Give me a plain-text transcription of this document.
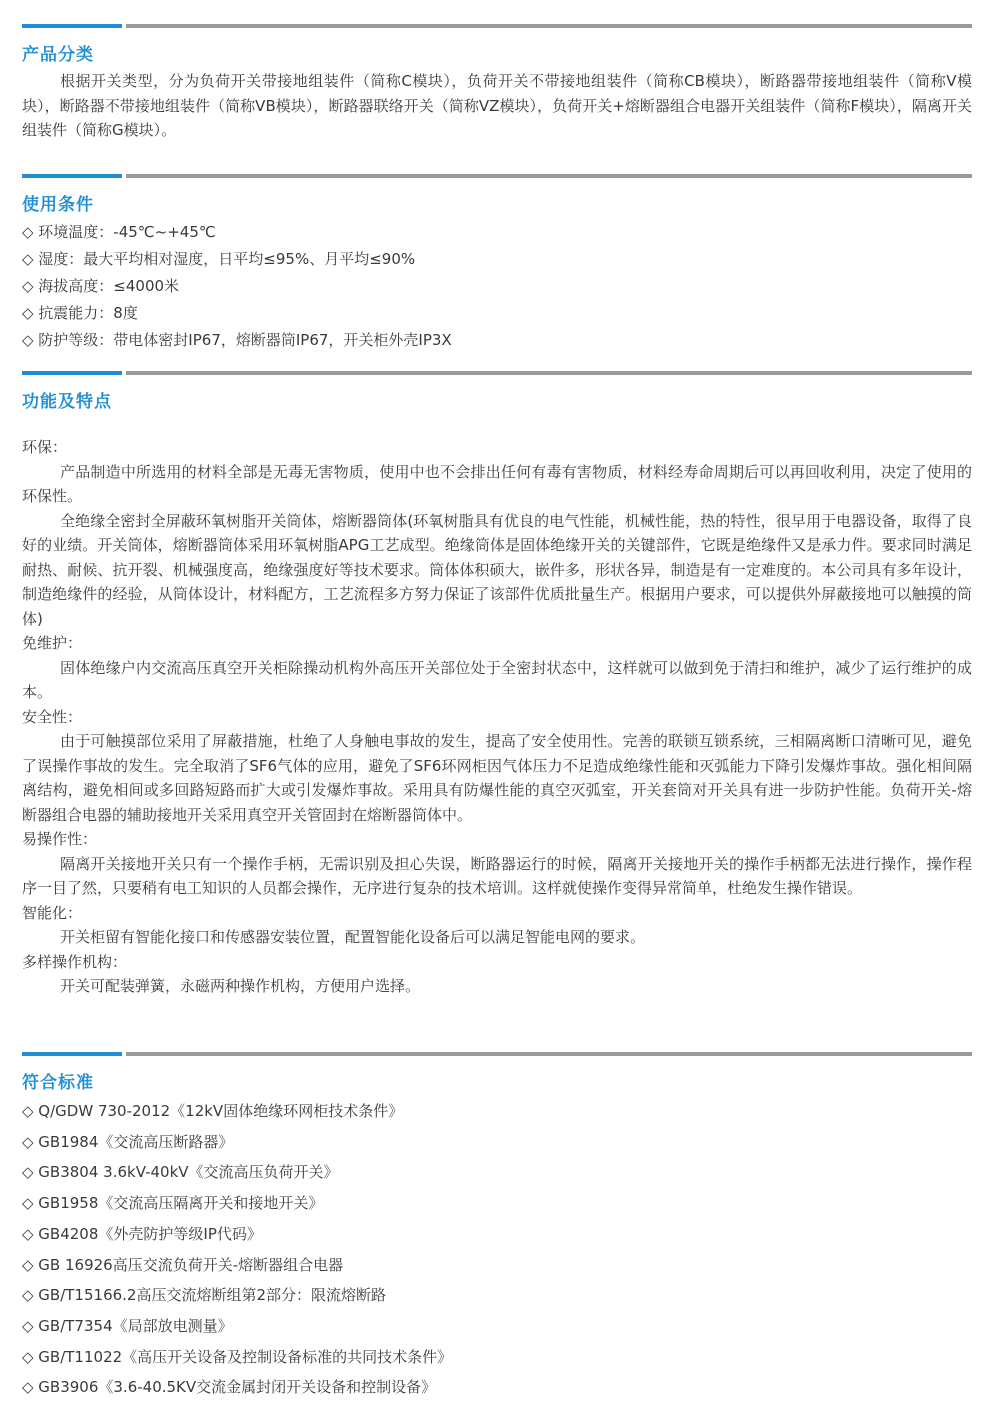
产品分类

根据开关类型，分为负荷开关带接地组装件（简称C模块），负荷开关不带接地组装件（简称CB模块），断路器带接地组装件（简称V模块），断路器不带接地组装件（简称VB模块），断路器联络开关（简称VZ模块），负荷开关+熔断器组合电器开关组装件（简称F模块），隔离开关组装件（简称G模块）。

使用条件
◇ 环境温度：-45℃~+45℃
◇ 湿度：最大平均相对湿度，日平均≤95%、月平均≤90%
◇ 海拔高度：≤4000米
◇ 抗震能力：8度
◇ 防护等级：带电体密封IP67，熔断器筒IP67，开关柜外壳IP3X
功能及特点

环保：

产品制造中所选用的材料全部是无毒无害物质，使用中也不会排出任何有毒有害物质，材料经寿命周期后可以再回收利用，决定了使用的环保性。

全绝缘全密封全屏蔽环氧树脂开关筒体，熔断器筒体(环氧树脂具有优良的电气性能，机械性能，热的特性，很早用于电器设备，取得了良好的业绩。开关筒体，熔断器筒体采用环氧树脂APG工艺成型。绝缘筒体是固体绝缘开关的关键部件，它既是绝缘件又是承力件。要求同时满足耐热、耐候、抗开裂、机械强度高，绝缘强度好等技术要求。筒体体积硕大，嵌件多，形状各异，制造是有一定难度的。本公司具有多年设计，制造绝缘件的经验，从筒体设计，材料配方，工艺流程多方努力保证了该部件优质批量生产。根据用户要求，可以提供外屏蔽接地可以触摸的筒体)

免维护：

固体绝缘户内交流高压真空开关柜除操动机构外高压开关部位处于全密封状态中，这样就可以做到免于清扫和维护，减少了运行维护的成本。

安全性：

由于可触摸部位采用了屏蔽措施，杜绝了人身触电事故的发生，提高了安全使用性。完善的联锁互锁系统，三相隔离断口清晰可见，避免了误操作事故的发生。完全取消了SF6气体的应用，避免了SF6环网柜因气体压力不足造成绝缘性能和灭弧能力下降引发爆炸事故。强化相间隔离结构，避免相间或多回路短路而扩大或引发爆炸事故。采用具有防爆性能的真空灭弧室，开关套筒对开关具有进一步防护性能。负荷开关-熔断器组合电器的辅助接地开关采用真空开关管固封在熔断器筒体中。

易操作性：

隔离开关接地开关只有一个操作手柄，无需识别及担心失误，断路器运行的时候，隔离开关接地开关的操作手柄都无法进行操作，操作程序一目了然，只要稍有电工知识的人员都会操作，无序进行复杂的技术培训。这样就使操作变得异常简单，杜绝发生操作错误。

智能化：

开关柜留有智能化接口和传感器安装位置，配置智能化设备后可以满足智能电网的要求。

多样操作机构：

开关可配装弹簧，永磁两种操作机构，方便用户选择。

符合标准
◇ Q/GDW 730-2012《12kV固体绝缘环网柜技术条件》
◇ GB1984《交流高压断路器》
◇ GB3804 3.6kV-40kV《交流高压负荷开关》
◇ GB1958《交流高压隔离开关和接地开关》
◇ GB4208《外壳防护等级IP代码》
◇ GB 16926高压交流负荷开关-熔断器组合电器
◇ GB/T15166.2高压交流熔断组第2部分：限流熔断路
◇ GB/T7354《局部放电测量》
◇ GB/T11022《高压开关设备及控制设备标准的共同技术条件》
◇ GB3906《3.6-40.5KV交流金属封闭开关设备和控制设备》
